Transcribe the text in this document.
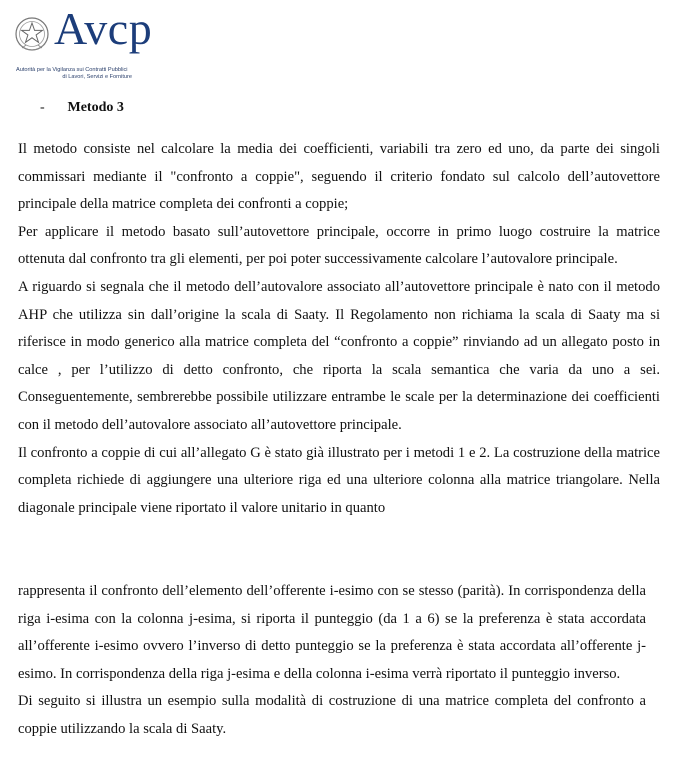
Avcp
Autorità per la Vigilanza sui Contratti Pubblici
di Lavori, Servizi e Forniture
- Metodo 3

Il metodo consiste nel calcolare la media dei coefficienti, variabili tra zero ed uno, da parte dei singoli commissari mediante il "confronto a coppie", seguendo il criterio fondato sul calcolo dell’autovettore principale della matrice completa dei confronti a coppie;

Per applicare il metodo basato sull’autovettore principale, occorre in primo luogo costruire la matrice ottenuta dal confronto tra gli elementi, per poi poter successivamente calcolare l’autovalore principale.

A riguardo si segnala che il metodo dell’autovalore associato all’autovettore principale è nato con il metodo AHP che utilizza sin dall’origine la scala di Saaty. Il Regolamento non richiama la scala di Saaty ma si riferisce in modo generico alla matrice completa del “confronto a coppie” rinviando ad un allegato posto in calce , per l’utilizzo di detto confronto, che riporta la scala semantica che varia da uno a sei. Conseguentemente, sembrerebbe possibile utilizzare entrambe le scale per la determinazione dei coefficienti con il metodo dell’autovalore associato all’autovettore principale.

Il confronto a coppie di cui all’allegato G è stato già illustrato per i metodi 1 e 2. La costruzione della matrice completa richiede di aggiungere una ulteriore riga ed una ulteriore colonna alla matrice triangolare. Nella diagonale principale viene riportato il valore unitario in quanto

rappresenta il confronto dell’elemento dell’offerente i-esimo con se stesso (parità). In corrispondenza della riga i-esima con la colonna j-esima, si riporta il punteggio (da 1 a 6) se la preferenza è stata accordata all’offerente i-esimo ovvero l’inverso di detto punteggio se la preferenza è stata accordata all’offerente j-esimo. In corrispondenza della riga j-esima e della colonna i-esima verrà riportato il punteggio inverso.

Di seguito si illustra un esempio sulla modalità di costruzione di una matrice completa del confronto a coppie utilizzando la scala di Saaty.
